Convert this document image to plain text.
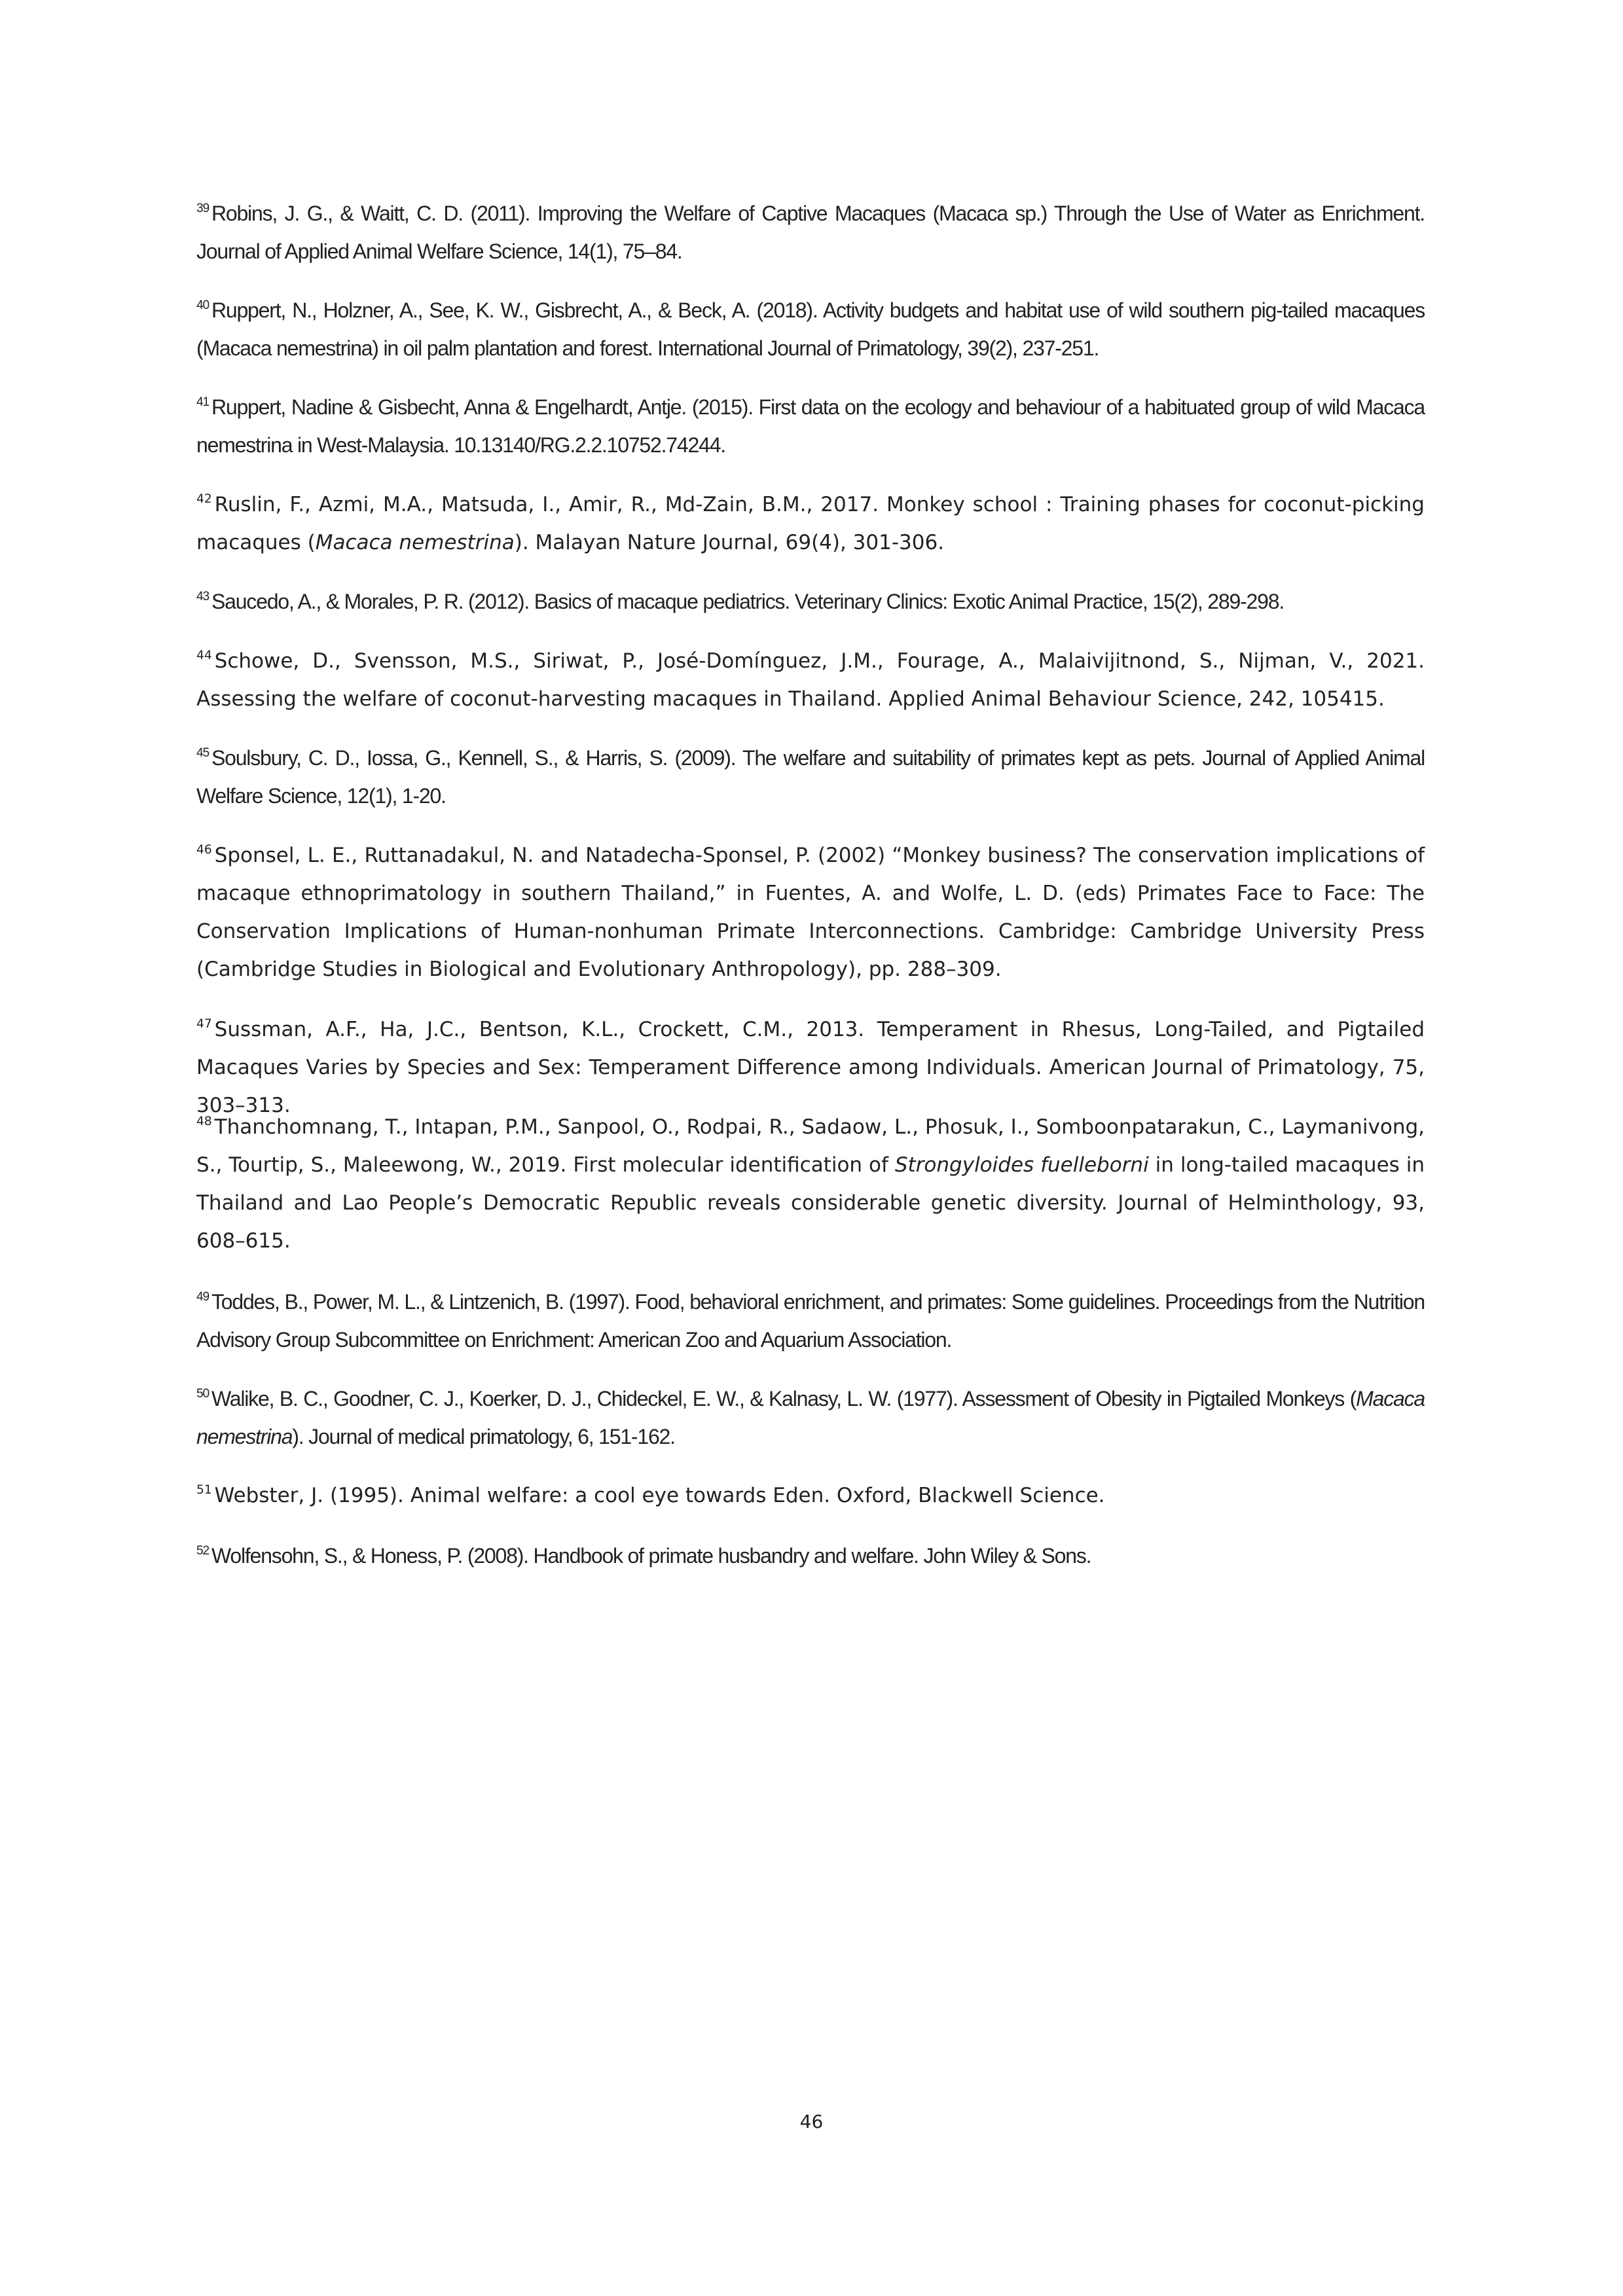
$^{39}$ Robins, J. G., & Waitt, C. D. (2011). Improving the Welfare of Captive Macaques (Macaca sp.) Through the Use of Water as Enrichment. Journal of Applied Animal Welfare Science, 14(1), 75–84.

$^{40}$ Ruppert, N., Holzner, A., See, K. W., Gisbrecht, A., & Beck, A. (2018). Activity budgets and habitat use of wild southern pig-tailed macaques (Macaca nemestrina) in oil palm plantation and forest. International Journal of Primatology, 39(2), 237-251.

$^{41}$ Ruppert, Nadine & Gisbecht, Anna & Engelhardt, Antje. (2015). First data on the ecology and behaviour of a habituated group of wild Macaca nemestrina in West-Malaysia. 10.13140/RG.2.2.10752.74244.

$^{42}$ Ruslin, F., Azmi, M.A., Matsuda, I., Amir, R., Md-Zain, B.M., 2017. Monkey school : Training phases for coconut-picking macaques (Macaca nemestrina). Malayan Nature Journal, 69(4), 301-306.

$^{43}$ Saucedo, A., & Morales, P. R. (2012). Basics of macaque pediatrics. Veterinary Clinics: Exotic Animal Practice, 15(2), 289-298.

$^{44}$ Schowe, D., Svensson, M.S., Siriwat, P., José-Domínguez, J.M., Fourage, A., Malaivijitnond, S., Nijman, V., 2021. Assessing the welfare of coconut-harvesting macaques in Thailand. Applied Animal Behaviour Science, 242, 105415.

$^{45}$ Soulsbury, C. D., Iossa, G., Kennell, S., & Harris, S. (2009). The welfare and suitability of primates kept as pets. Journal of Applied Animal Welfare Science, 12(1), 1-20.

$^{46}$ Sponsel, L. E., Ruttanadakul, N. and Natadecha-Sponsel, P. (2002) “Monkey business? The conservation implications of macaque ethnoprimatology in southern Thailand,” in Fuentes, A. and Wolfe, L. D. (eds) Primates Face to Face: The Conservation Implications of Human-nonhuman Primate Interconnections. Cambridge: Cambridge University Press (Cambridge Studies in Biological and Evolutionary Anthropology), pp. 288–309.

$^{47}$ Sussman, A.F., Ha, J.C., Bentson, K.L., Crockett, C.M., 2013. Temperament in Rhesus, Long-Tailed, and Pigtailed Macaques Varies by Species and Sex: Temperament Difference among Individuals. American Journal of Primatology, 75, 303–313.

$^{48}$ Thanchomnang, T., Intapan, P.M., Sanpool, O., Rodpai, R., Sadaow, L., Phosuk, I., Somboonpatarakun, C., Laymanivong, S., Tourtip, S., Maleewong, W., 2019. First molecular identification of Strongyloides fuelleborni in long-tailed macaques in Thailand and Lao People’s Democratic Republic reveals considerable genetic diversity. Journal of Helminthology, 93, 608–615.

$^{49}$ Toddes, B., Power, M. L., & Lintzenich, B. (1997). Food, behavioral enrichment, and primates: Some guidelines. Proceedings from the Nutrition Advisory Group Subcommittee on Enrichment: American Zoo and Aquarium Association.

$^{50}$ Walike, B. C., Goodner, C. J., Koerker, D. J., Chideckel, E. W., & Kalnasy, L. W. (1977). Assessment of Obesity in Pigtailed Monkeys (Macaca nemestrina). Journal of medical primatology, 6, 151-162.

$^{51}$ Webster, J. (1995). Animal welfare: a cool eye towards Eden. Oxford, Blackwell Science.

$^{52}$ Wolfensohn, S., & Honess, P. (2008). Handbook of primate husbandry and welfare. John Wiley & Sons.

46
